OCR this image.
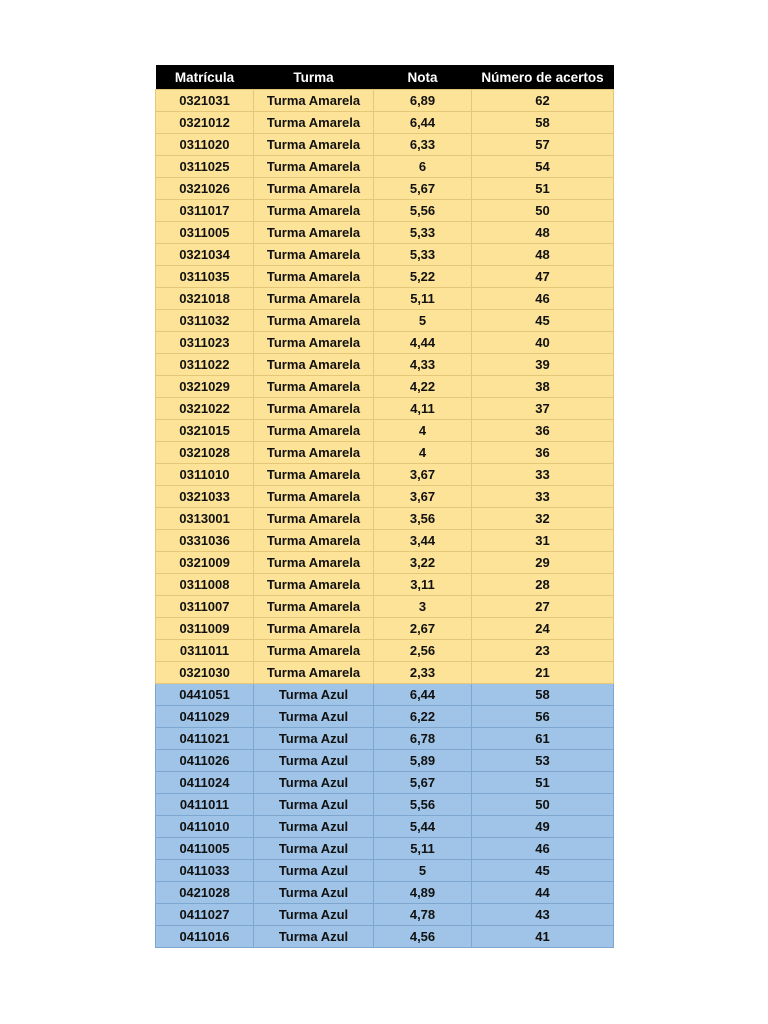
Matrícula	Turma	Nota	Número de acertos
0321031	Turma Amarela	6,89	62
0321012	Turma Amarela	6,44	58
0311020	Turma Amarela	6,33	57
0311025	Turma Amarela	6	54
0321026	Turma Amarela	5,67	51
0311017	Turma Amarela	5,56	50
0311005	Turma Amarela	5,33	48
0321034	Turma Amarela	5,33	48
0311035	Turma Amarela	5,22	47
0321018	Turma Amarela	5,11	46
0311032	Turma Amarela	5	45
0311023	Turma Amarela	4,44	40
0311022	Turma Amarela	4,33	39
0321029	Turma Amarela	4,22	38
0321022	Turma Amarela	4,11	37
0321015	Turma Amarela	4	36
0321028	Turma Amarela	4	36
0311010	Turma Amarela	3,67	33
0321033	Turma Amarela	3,67	33
0313001	Turma Amarela	3,56	32
0331036	Turma Amarela	3,44	31
0321009	Turma Amarela	3,22	29
0311008	Turma Amarela	3,11	28
0311007	Turma Amarela	3	27
0311009	Turma Amarela	2,67	24
0311011	Turma Amarela	2,56	23
0321030	Turma Amarela	2,33	21
0441051	Turma Azul	6,44	58
0411029	Turma Azul	6,22	56
0411021	Turma Azul	6,78	61
0411026	Turma Azul	5,89	53
0411024	Turma Azul	5,67	51
0411011	Turma Azul	5,56	50
0411010	Turma Azul	5,44	49
0411005	Turma Azul	5,11	46
0411033	Turma Azul	5	45
0421028	Turma Azul	4,89	44
0411027	Turma Azul	4,78	43
0411016	Turma Azul	4,56	41
